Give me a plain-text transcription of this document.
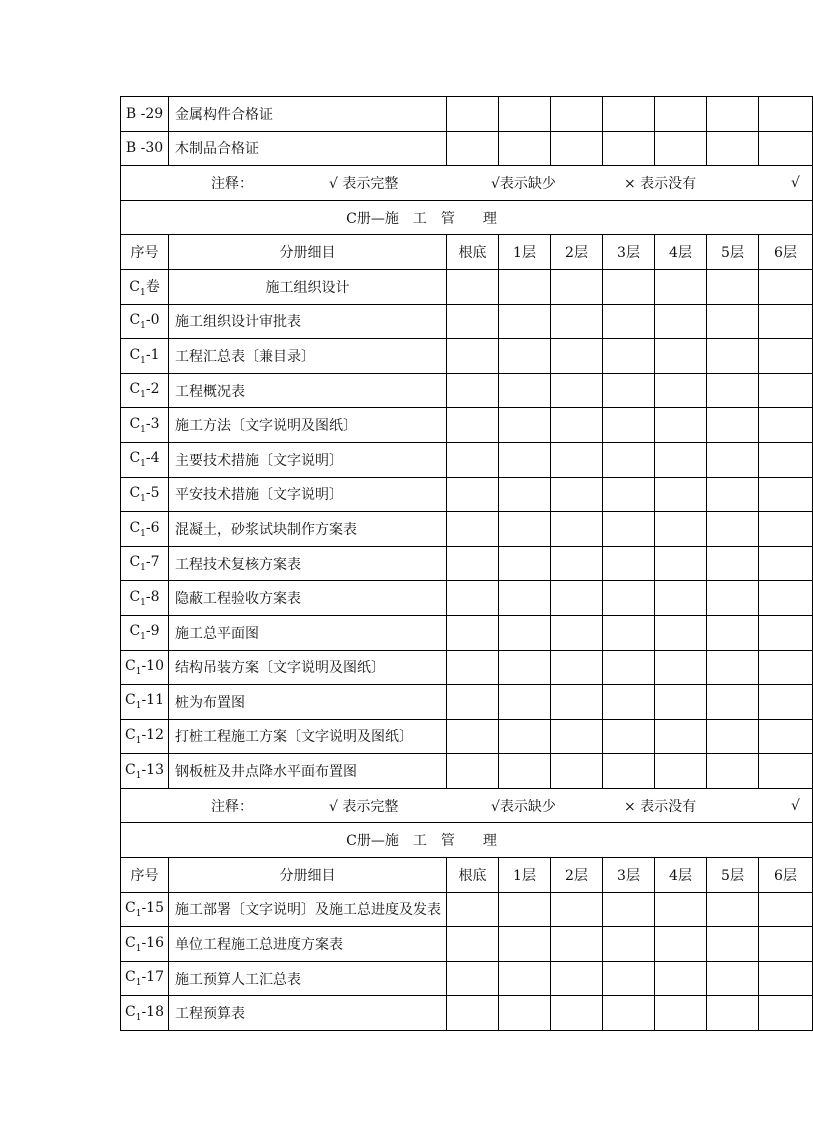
B -29	金属构件合格证							
B -30	木制品合格证							

注释： √ 表示完整 √表示缺少 × 表示没有 √								

C册—施　工　管　　理								
序号	分册细目	根底	1层	2层	3层	4层	5层	6层
$C_1$卷	施工组织设计							
$C_1-0$	施工组织设计审批表							
$C_1-1$	工程汇总表〔兼目录〕							
$C_1-2$	工程概况表							
$C_1-3$	施工方法〔文字说明及图纸〕							
$C_1-4$	主要技术措施〔文字说明〕							
$C_1-5$	平安技术措施〔文字说明〕							
$C_1-6$	混凝土，砂浆试块制作方案表							
$C_1-7$	工程技术复核方案表							
$C_1-8$	隐蔽工程验收方案表							
$C_1-9$	施工总平面图							
$C_1-10$	结构吊装方案〔文字说明及图纸〕							
$C_1-11$	桩为布置图							
$C_1-12$	打桩工程施工方案〔文字说明及图纸〕							
$C_1-13$	钢板桩及井点降水平面布置图							

注释： √ 表示完整 √表示缺少 × 表示没有 √								

C册—施　工　管　　理								
序号	分册细目	根底	1层	2层	3层	4层	5层	6层
$C_1-15$	施工部署〔文字说明〕及施工总进度及发表							
$C_1-16$	单位工程施工总进度方案表							
$C_1-17$	施工预算人工汇总表							
$C_1-18$	工程预算表							
